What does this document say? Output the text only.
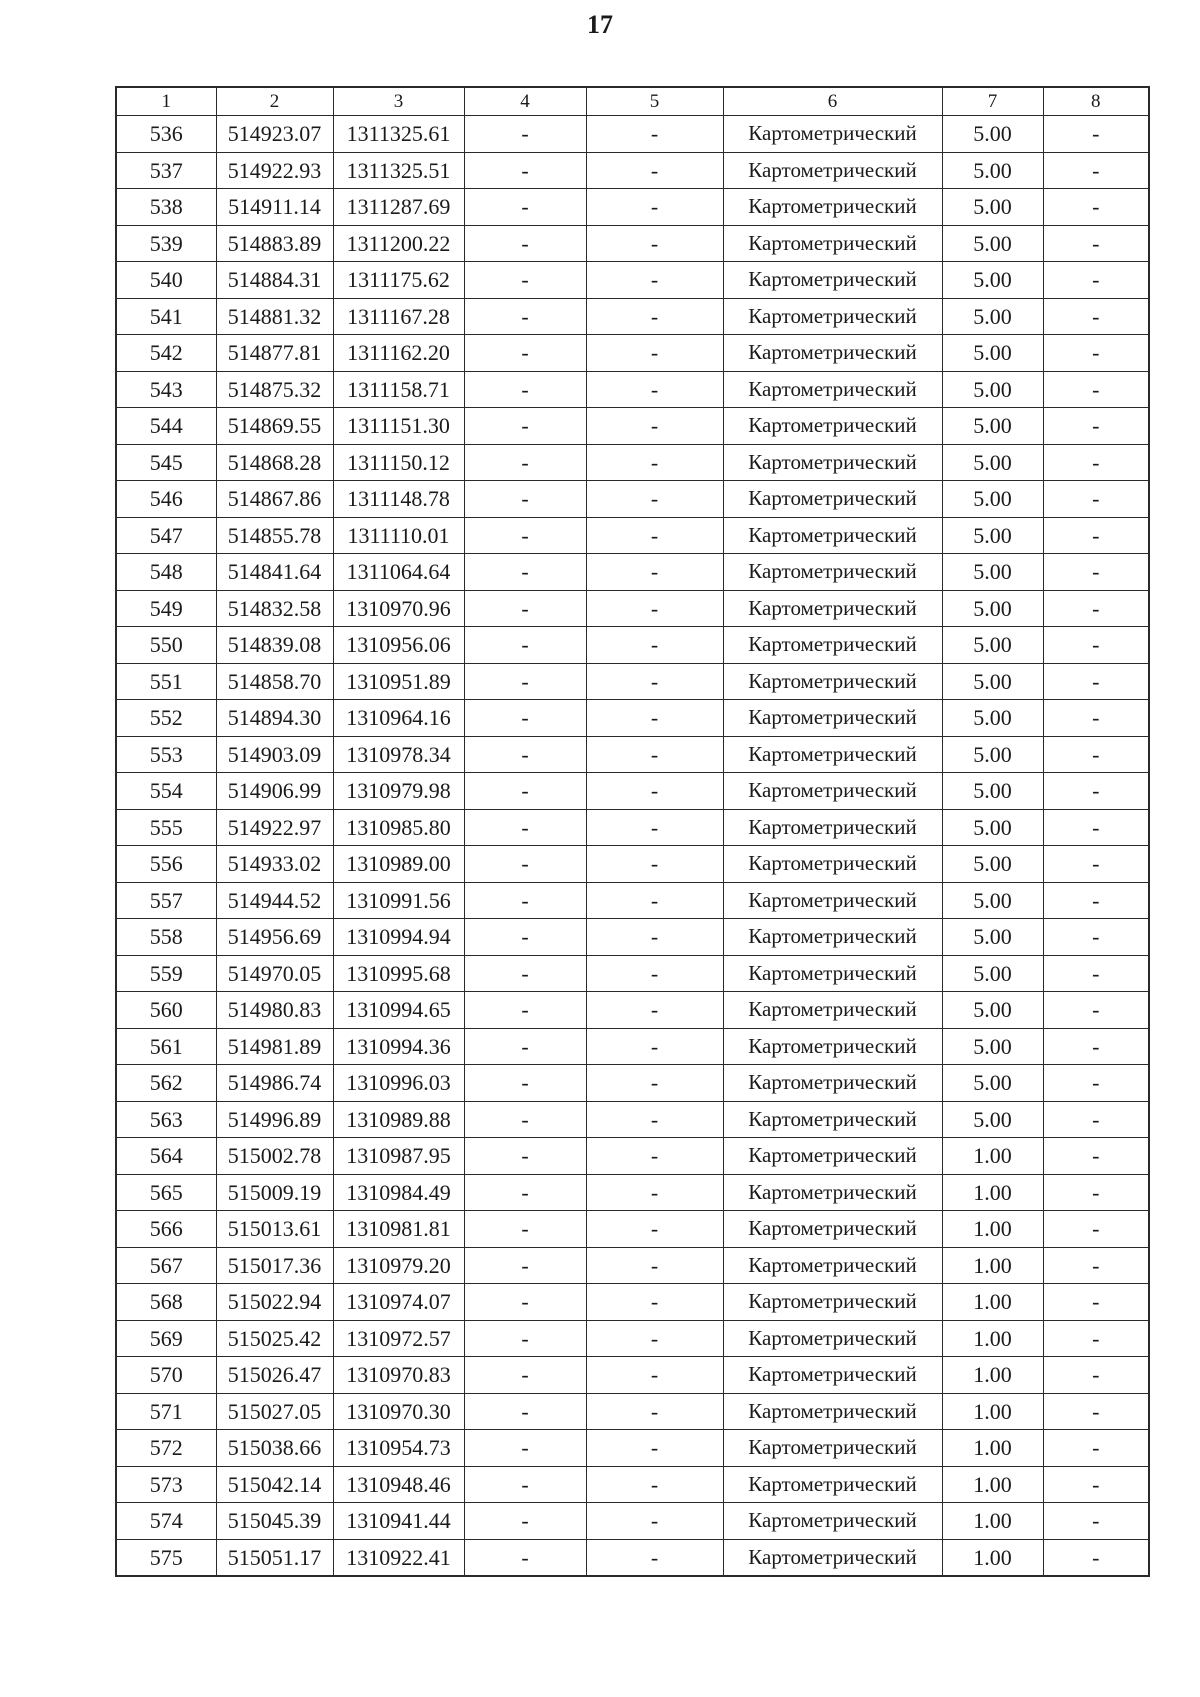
17
1	2	3	4	5	6	7	8
536	514923.07	1311325.61	-	-	Картометрический	5.00	-
537	514922.93	1311325.51	-	-	Картометрический	5.00	-
538	514911.14	1311287.69	-	-	Картометрический	5.00	-
539	514883.89	1311200.22	-	-	Картометрический	5.00	-
540	514884.31	1311175.62	-	-	Картометрический	5.00	-
541	514881.32	1311167.28	-	-	Картометрический	5.00	-
542	514877.81	1311162.20	-	-	Картометрический	5.00	-
543	514875.32	1311158.71	-	-	Картометрический	5.00	-
544	514869.55	1311151.30	-	-	Картометрический	5.00	-
545	514868.28	1311150.12	-	-	Картометрический	5.00	-
546	514867.86	1311148.78	-	-	Картометрический	5.00	-
547	514855.78	1311110.01	-	-	Картометрический	5.00	-
548	514841.64	1311064.64	-	-	Картометрический	5.00	-
549	514832.58	1310970.96	-	-	Картометрический	5.00	-
550	514839.08	1310956.06	-	-	Картометрический	5.00	-
551	514858.70	1310951.89	-	-	Картометрический	5.00	-
552	514894.30	1310964.16	-	-	Картометрический	5.00	-
553	514903.09	1310978.34	-	-	Картометрический	5.00	-
554	514906.99	1310979.98	-	-	Картометрический	5.00	-
555	514922.97	1310985.80	-	-	Картометрический	5.00	-
556	514933.02	1310989.00	-	-	Картометрический	5.00	-
557	514944.52	1310991.56	-	-	Картометрический	5.00	-
558	514956.69	1310994.94	-	-	Картометрический	5.00	-
559	514970.05	1310995.68	-	-	Картометрический	5.00	-
560	514980.83	1310994.65	-	-	Картометрический	5.00	-
561	514981.89	1310994.36	-	-	Картометрический	5.00	-
562	514986.74	1310996.03	-	-	Картометрический	5.00	-
563	514996.89	1310989.88	-	-	Картометрический	5.00	-
564	515002.78	1310987.95	-	-	Картометрический	1.00	-
565	515009.19	1310984.49	-	-	Картометрический	1.00	-
566	515013.61	1310981.81	-	-	Картометрический	1.00	-
567	515017.36	1310979.20	-	-	Картометрический	1.00	-
568	515022.94	1310974.07	-	-	Картометрический	1.00	-
569	515025.42	1310972.57	-	-	Картометрический	1.00	-
570	515026.47	1310970.83	-	-	Картометрический	1.00	-
571	515027.05	1310970.30	-	-	Картометрический	1.00	-
572	515038.66	1310954.73	-	-	Картометрический	1.00	-
573	515042.14	1310948.46	-	-	Картометрический	1.00	-
574	515045.39	1310941.44	-	-	Картометрический	1.00	-
575	515051.17	1310922.41	-	-	Картометрический	1.00	-
